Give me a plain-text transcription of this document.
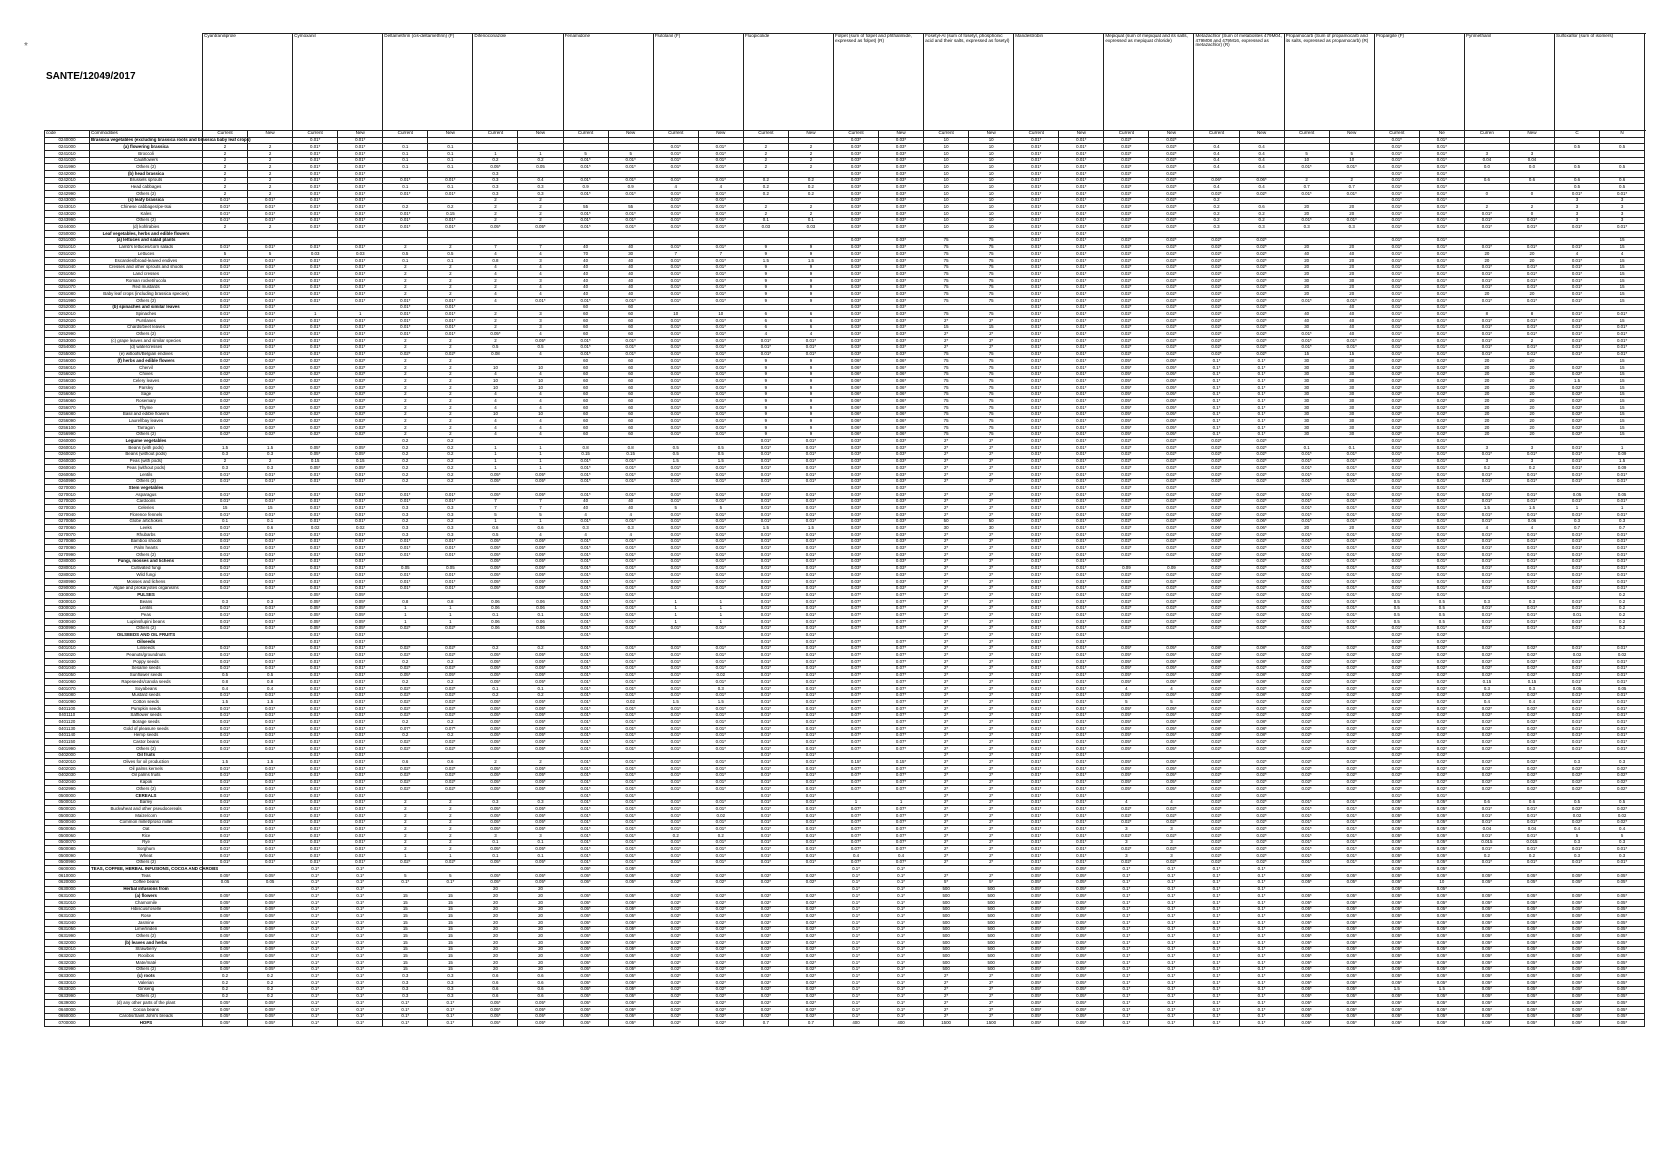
*
		Cyantraniliprole		Cymoxanil		Deltamethrin (cis-deltamethrin) (F)		Difenoconazole		Fenamidone		Flutolanil (F)		Fluopicolide		Folpet (sum of folpet and phthalimide, expressed as folpet) (R)		Fosetyl-Al (sum of fosetyl, phosphonic acid and their salts, expressed as fosetyl)		Mandestrobin		Mepiquat (sum of mepiquat and its salts, expressed as mepiquat chloride)		Metazachlor (Sum of metabolites 479M04, 479M08 and 479M16, expressed as metazachlor) (R)		Propamocarb (Sum of propamocarb and its salts, expressed as propamocarb) (R)		Propargite (F)		Pyrimethanil		Sulfoxaflor (sum of isomers)	
code	Commodities	Current	New	Current	New	Current	New	Current	New	Current	New	Current	New	Current	New	Current	New	Current	New	Current	New	Current	New	Current	New	Current	New	Current	Ne	Curren	New	C	N	
0240000	Brassica vegetables (excluding brassica roots and brassica baby leaf crops)			0.01*	0.01*											0.03*	0.03*	10	10	0.01*	0.01*	0.02*	0.02*					0.01*	0.01*					
0241000	(a) flowering brassica	2	2	0.01*	0.01*	0.1	0.1					0.01*	0.01*	2	2	0.03*	0.03*	10	10	0.01*	0.01*	0.02*	0.02*	0.4	0.4			0.01*	0.01*			0.5	0.5	
0241010	Broccoli	2	2	0.01*	0.01*	0.1	0.1	1	1	5	5	0.01*	0.01*	2	2	0.03*	0.03*	10	10	0.01*	0.01*	0.02*	0.02*	0.4	0.4	5	5	0.01*	0.01*	3	3			
0241020	Cauliflowers	2	2	0.01*	0.01*	0.1	0.1	0.2	0.2	0.01*	0.01*	0.01*	0.01*	2	2	0.03*	0.03*	10	10	0.01*	0.01*	0.02*	0.02*	0.4	0.4	10	10	0.01*	0.01*	0.04	0.04			
0241990	Others (2)	2	2	0.01*	0.01*	0.1	0.1	0.05*	0.05	0.01*	0.01*	0.01*	0.01*	2	2	0.03*	0.03*	10	10	0.01*	0.01*	0.02*	0.02*	0.4	0.4	0.01*	0.01*	0.01*	0.01*	0.0	0.0	0.5	0.5	
0242000	(b) head brassica	2	2	0.01*	0.01*			0.3								0.03*	0.03*	10	10	0.01*	0.01*	0.02*	0.02*					0.01*	0.01*					
0242010	Brussels sprouts	2	2	0.01*	0.01*	0.01*	0.01*	0.3	0.4	0.01*	0.01*	0.01*	0.01*	0.2	0.2	0.03*	0.03*	10	10	0.01*	0.01*	0.02*	0.02*	0.06*	0.06*	2	2	0.01*	0.01*	0.6	0.6	0.6	0.6	
0242020	Head cabbages	2	2	0.01*	0.01*	0.1	0.1	0.3	0.3	0.9	0.9	4	4	0.2	0.2	0.03*	0.03*	10	10	0.01*	0.01*	0.02*	0.02*	0.4	0.4	0.7	0.7	0.01*	0.01*			0.5	0.5	
0242990	Others (2)	2	2	0.01*	0.01*	0.01*	0.01*	0.3	0.3	0.01*	0.01*	0.01*	0.01*	0.2	0.2	0.03*	0.03*	10	10	0.01*	0.01*	0.02*	0.02*	0.02*	0.02*	0.01*	0.01*	0.01*	0.01*	0	0	0.01*	0.01*	
0243000	(c) leafy brassica	0.01*	0.01*	0.01*	0.01*			2	2			0.01*	0.01*			0.03*	0.03*	10	10	0.01*	0.01*	0.02*	0.02*	0.2				0.01*	0.01*			3	3	
0243010	Chinese cabbages/pe-tsai	0.01*	0.01*	0.01*	0.01*	0.2	0.2	2	2	55	55	0.01*	0.01*	2	2	0.03*	0.03*	10	10	0.01*	0.01*	0.02*	0.02*	0.2	0.6	20	20	0.01*	0.01*	2	2	3	3	
0243020	Kales	0.01*	0.01*	0.01*	0.01*	0.01*	0.15	2	2	0.01*	0.01*	0.01*	0.01*	2	2	0.03*	0.03*	10	10	0.01*	0.01*	0.02*	0.02*	0.2	0.2	20	20	0.01*	0.01*	0.01*	0	3	3	
0243990	Others (2)	0.01*	0.01*	0.01*	0.01*	0.01*	0.01*	2	2	0.01*	0.01*	0.01*	0.01*	0.1	0.1	0.03*	0.03*	10	10	0.01*	0.01*	0.02*	0.02*	0.2	0.2	0.01*	0.01*	0.01*	0.01*	0.01*	0.01*	3	3	
0244000	(d) kohlrabies	2	2	0.01*	0.01*	0.01*	0.01*	0.05*	0.05*	0.01*	0.01*	0.01*	0.01*	0.03	0.03	0.03*	0.03*	10	10	0.01*	0.01*	0.02*	0.02*	0.3	0.3	0.3	0.3	0.01*	0.01*	0.01*	0.01*	0.01*	0.01*	
0250000	Leaf vegetables, herbs and edible flowers																			0.01*	0.01*													
0251000	(a) lettuces and salad plants															0.03*	0.03*	75	75	0.01*	0.01*	0.02*	0.02*	0.02*	0.02*			0.01*	0.01*				15	
0251010	Lamb's lettuces/corn salads	0.01*	0.01*	0.01*	0.01*	2	2	7	7	40	40	0.01*	0.01*	9	9	0.03*	0.03*	75	75	0.01*	0.01*	0.02*	0.02*	0.02*	0.02*	20	20	0.01*	0.01*	0.01*	0.01*	0.01*	15	
0251020	Lettuces	5	5	0.03	0.03	0.5	0.5	4	4	70	30	7	7	9	9	0.03*	0.03*	75	75	0.01*	0.01*	0.02*	0.02*	0.02*	0.02*	40	40	0.01*	0.01*	20	20	4	4	
0251030	Escaroles/broad-leaved endives	0.01*	0.01*	0.01*	0.01*	0.1	0.1	0.8	3	40	40	0.01*	0.01*	1.5	1.5	0.03*	0.03*	75	75	0.01*	0.01*	0.02*	0.02*	0.02*	0.02*	20	20	0.01*	0.01*	20	20	0.01*	15	
0251040	Cresses and other sprouts and shoots	0.01*	0.01*	0.01*	0.01*	2	2	4	4	40	40	0.01*	0.01*	9	9	0.03*	0.03*	75	75	0.01*	0.01*	0.02*	0.02*	0.02*	0.02*	20	20	0.01*	0.01*	0.01*	0.01*	0.01*	15	
0251050	Land cresses	0.01*	0.01*	0.01*	0.01*	2	2	4	4	40	40	0.01*	0.01*	9	9	0.03*	0.03*	75	75	0.01*	0.01*	0.02*	0.02*	0.02*	0.02*	20	20	0.01*	0.01*	0.01*	0.01*	0.01*	15	
0251060	Roman rocket/rucola	0.01*	0.01*	0.01*	0.01*	2	2	2	3	40	40	0.01*	0.01*	9	9	0.03*	0.03*	75	75	0.01*	0.01*	0.02*	0.02*	0.02*	0.02*	30	30	0.01*	0.01*	0.01*	0.01*	0.01*	15	
0251070	Red mustards	0.01*	0.01*	0.01*	0.01*	2	2	2	4	40	40	0.01*	0.01*	9	9	0.03*	0.03*	75	75	0.01*	0.01*	0.02*	0.02*	0.02*	0.02*	20	20	0.01*	0.01*	0.01*	0.01*	0.01*	15	
0251080	Baby leaf crops (including brassica species)	0.01*	0.01*	0.01*	0.01*	2	2	4	4	40	40	0.01*	0.01*	9	9	0.03*	0.03*	75	75	0.01*	0.01*	0.02*	0.02*	0.02*	0.02*	20	20	0.01*	0.01*	20	20	0.01*	15	
0251990	Others (2)	0.01*	0.01*	0.01*	0.01*	0.01*	0.01*	4	0.01*	0.01*	0.01*	0.01*	0.01*	9	9	0.03*	0.03*	75	75	0.01*	0.01*	0.02*	0.02*	0.02*	0.02*	0.01*	0.01*	0.01*	0.01*	0.01*	0.01*	0.01*	15	
0252000	(b) spinaches and similar leaves	0.01*	0.01*			0.01*	0.01*			60	60					0.03*	0.03*			0.01*	0.01*	0.02*	0.02*	0.02*	0.02*		40	0.01*	0.01*					
0252010	Spinaches	0.01*	0.01*	1	1	0.01*	0.01*	2	3	60	60	10	10	6	6	0.03*	0.03*	75	75	0.01*	0.01*	0.02*	0.02*	0.02*	0.02*	40	40	0.01*	0.01*	8	8	0.01*	0.01*	
0252020	Purslanes	0.01*	0.01*	0.01*	0.01*	0.01*	0.01*	2	3	60	60	0.01*	0.01*	6	6	0.03*	0.03*	2*	2*	0.01*	0.01*	0.02*	0.02*	0.02*	0.02*	40	40	0.01*	0.01*	0.01*	0.01*	0.01*	15	
0252030	Chards/beet leaves	0.01*	0.01*	0.01*	0.01*	0.01*	0.01*	2	3	60	60	0.01*	0.01*	6	6	0.03*	0.03*	15	15	0.01*	0.01*	0.02*	0.02*	0.02*	0.02*	30	40	0.01*	0.01*	0.01*	0.01*	0.01*	0.01*	
0252990	Others (2)	0.01*	0.01*	0.01*	0.01*	0.01*	0.01*	0.05*	4	60	60	0.01*	0.01*	4	4	0.03*	0.03*	2*	2*	0.01*	0.01*	0.02*	0.02*	0.02*	0.02*	0.01*	40	0.01*	0.01*	0.01*	0.01*	0.01*	0.01*	
0253000	(c) grape leaves and similar species	0.01*	0.01*	0.01*	0.01*	2	2	2	0.05*	0.01*	0.01*	0.01*	0.01*	0.01*	0.01*	0.03*	0.03*	2*	2*	0.01*	0.01*	0.02*	0.02*	0.02*	0.02*	0.01*	0.01*	0.01*	0.01*	0.01*	2	0.01*	0.01*	
0254000	(d) watercresses	0.01*	0.01*	0.01*	0.01*	2	2	0.5	0.5	0.01*	0.01*	0.01*	0.01*	0.01*	0.01*	0.03*	0.03*	2*	2*	0.01*	0.01*	0.02*	0.02*	0.02*	0.02*	0.01*	0.01*	0.01*	0.01*	0.01*	0.01*	0.01*	0.01*	
0255000	(e) witloofs/Belgian endives	0.01*	0.01*	0.01*	0.01*	0.02*	0.02*	0.08	4	0.01*	0.01*	0.01*	0.01*	0.01*	0.01*	0.03*	0.03*	75	75	0.01*	0.01*	0.02*	0.02*	0.02*	0.02*	15	15	0.01*	0.01*	0.01*	0.01*	0.01*	0.01*	
0256000	(f) herbs and edible flowers	0.02*	0.02*	0.02*	0.02*	2	2			60	60	0.01*	0.01*	9	9	0.06*	0.06*	75	75	0.01*	0.01*	0.05*	0.05*	0.1*	0.1*	30	30	0.02*	0.02*	20	20		15	
0256010	Chervil	0.02*	0.02*	0.02*	0.02*	2	2	10	10	60	60	0.01*	0.01*	9	9	0.06*	0.06*	75	75	0.01*	0.01*	0.05*	0.05*	0.1*	0.1*	30	30	0.02*	0.02*	20	20	0.02*	15	
0256020	Chives	0.02*	0.02*	0.02*	0.02*	2	2	4	4	60	60	0.01*	0.01*	9	9	0.06*	0.06*	75	75	0.01*	0.01*	0.05*	0.05*	0.1*	0.1*	30	30	0.02*	0.02*	20	20	0.02*	15	
0256030	Celery leaves	0.02*	0.02*	0.02*	0.02*	2	2	10	10	60	60	0.01*	0.01*	9	9	0.06*	0.06*	75	75	0.01*	0.01*	0.05*	0.05*	0.1*	0.1*	30	30	0.02*	0.02*	20	20	1.5	15	
0256040	Parsley	0.02*	0.02*	0.02*	0.02*	2	2	10	10	60	60	0.01*	0.01*	9	9	0.06*	0.06*	75	75	0.01*	0.01*	0.05*	0.05*	0.1*	0.1*	30	30	0.02*	0.02*	20	20	0.02*	15	
0256050	Sage	0.02*	0.02*	0.02*	0.02*	2	2	4	4	60	60	0.01*	0.01*	9	9	0.06*	0.06*	75	75	0.01*	0.01*	0.05*	0.05*	0.1*	0.1*	30	30	0.02*	0.02*	20	20	0.02*	15	
0256060	Rosemary	0.02*	0.02*	0.02*	0.02*	2	2	4	4	60	60	0.01*	0.01*	9	9	0.06*	0.06*	75	75	0.01*	0.01*	0.05*	0.05*	0.1*	0.1*	30	30	0.02*	0.02*	20	20	0.02*	15	
0256070	Thyme	0.02*	0.02*	0.02*	0.02*	2	2	4	4	60	60	0.01*	0.01*	9	9	0.06*	0.06*	75	75	0.01*	0.01*	0.05*	0.05*	0.1*	0.1*	30	30	0.02*	0.02*	20	20	0.02*	15	
0256080	Basil and edible flowers	0.02*	0.02*	0.02*	0.02*	2	2	10	10	60	60	0.01*	0.01*	9	9	0.06*	0.06*	75	75	0.01*	0.01*	0.05*	0.05*	0.1*	0.1*	30	30	0.02*	0.02*	20	20	0.02*	15	
0256090	Laurel/bay leaves	0.02*	0.02*	0.02*	0.02*	2	2	4	4	60	60	0.01*	0.01*	9	9	0.06*	0.06*	75	75	0.01*	0.01*	0.05*	0.05*	0.1*	0.1*	30	30	0.02*	0.02*	20	20	0.02*	15	
0256100	Tarragon	0.02*	0.02*	0.02*	0.02*	2	2	4	4	60	60	0.01*	0.01*	9	9	0.06*	0.06*	75	75	0.01*	0.01*	0.05*	0.05*	0.1*	0.1*	30	30	0.02*	0.02*	20	20	0.02*	15	
0256990	Others (2)	0.02*	0.02*	0.02*	0.02*	2	2	4	4	60	60	0.01*	0.01*	9	9	0.06*	0.06*	75	75	0.01*	0.01*	0.05*	0.05*	0.1*	0.1*	30	30	0.02*	0.02*	20	20	0.02*	15	
0260000	Legume vegetables					0.2	0.2							0.01*	0.01*	0.03*	0.03*	2*	2*	0.01*	0.01*	0.02*	0.02*	0.02*	0.02*			0.01*	0.01*					
0260010	Beans (with pods)	1.5	1.5	0.05*	0.05*	0.2	0.2	1	1	0.8	0.8	0.5	0.5	0.01*	0.01*	0.03*	0.03*	2*	2*	0.01*	0.01*	0.02*	0.02*	0.02*	0.02*	0.1	0.1	0.01*	0.01*	3	3	0.01*	1	
0260020	Beans (without pods)	0.3	0.3	0.05*	0.05*	0.2	0.2	1	1	0.15	0.15	0.5	0.5	0.01*	0.01*	0.03*	0.03*	2*	2*	0.01*	0.01*	0.02*	0.02*	0.02*	0.02*	0.01*	0.01*	0.01*	0.01*	0.01*	0.01*	0.01*	0.09	
0260030	Peas (with pods)	2	2	0.15	0.15	0.2	0.2	1	1	0.01*	0.01*	1.5	1.5	0.01*	0.01*	0.03*	0.03*	2*	2*	0.01*	0.01*	0.02*	0.02*	0.02*	0.02*	0.01*	0.01*	0.01*	0.01*	3	3	0.01*	1.5	
0260040	Peas (without pods)	0.3	0.3	0.05*	0.05*	0.2	0.2	1	1	0.01*	0.01*	0.01*	0.01*	0.01*	0.01*	0.03*	0.03*	2*	2*	0.01*	0.01*	0.02*	0.02*	0.02*	0.02*	0.01*	0.01*	0.01*	0.01*	0.2	0.2	0.01*	0.09	
0260050	Lentils	0.01*	0.01*	0.01*	0.01*	0.2	0.2	0.05*	0.05*	0.01*	0.01*	0.01*	0.01*	0.01*	0.01*	0.03*	0.03*	2*	2*	0.01*	0.01*	0.02*	0.02*	0.02*	0.02*	0.01*	0.01*	0.01*	0.01*	0.01*	0.01*	0.01*	0.01*	
0260990	Others (2)	0.01*	0.01*	0.01*	0.01*	0.2	0.2	0.05*	0.05*	0.01*	0.01*	0.01*	0.01*	0.01*	0.01*	0.03*	0.03*	2*	2*	0.01*	0.01*	0.02*	0.02*	0.02*	0.02*	0.01*	0.01*	0.01*	0.01*	0.01*	0.01*	0.01*	0.01*	
0270000	Stem vegetables															0.03*	0.03*			0.01*	0.01*	0.02*	0.02*					0.01*	0.01*					
0270010	Asparagus	0.01*	0.01*	0.01*	0.01*	0.01*	0.01*	0.05*	0.05*	0.01*	0.01*	0.01*	0.01*	0.01*	0.01*	0.03*	0.03*	2*	2*	0.01*	0.01*	0.02*	0.02*	0.02*	0.02*	0.01*	0.01*	0.01*	0.01*	0.01*	0.01*	0.05	0.05	
0270020	Cardoons	0.01*	0.01*	0.01*	0.01*	0.01*	0.01*	7	7	40	40	0.01*	0.01*	0.01*	0.01*	0.03*	0.03*	2*	2*	0.01*	0.01*	0.02*	0.02*	0.02*	0.02*	0.01*	0.01*	0.01*	0.01*	0.01*	0.01*	0.01*	0.01*	
0270030	Celeries	15	15	0.01*	0.01*	0.3	0.3	7	7	40	40	5	5	0.01*	0.01*	0.03*	0.03*	2*	2*	0.01*	0.01*	0.02*	0.02*	0.02*	0.02*	0.01*	0.01*	0.01*	0.01*	1.5	1.5	1	1	
0270040	Florence fennels	0.01*	0.01*	0.01*	0.01*	0.3	0.3	5	5	4	4	0.01*	0.01*	0.01*	0.01*	0.03*	0.03*	2*	2*	0.01*	0.01*	0.02*	0.02*	0.02*	0.02*	0.01*	0.01*	0.01*	0.01*	0.01*	0.01*	0.01*	0.01*	
0270050	Globe artichokes	0.1	0.1	0.01*	0.01*	0.2	0.2	1	1	0.01*	0.01*	0.01*	0.01*	0.01*	0.01*	0.03*	0.03*	50	50	0.01*	0.01*	0.02*	0.02*	0.06*	0.06*	0.01*	0.01*	0.01*	0.01*	0.01*	0.06	0.3	0.3	
0270060	Leeks	0.01*	0.6	0.02	0.02	0.3	0.3	0.6	0.6	0.3	0.3	0.01*	0.01*	1.5	1.5	0.03*	0.03*	30	30	0.01*	0.01*	0.02*	0.02*	0.06*	0.06*	20	20	0.01*	0.01*	4	4	0.7	0.7	
0270070	Rhubarbs	0.01*	0.01*	0.01*	0.01*	0.3	0.3	0.5	4	4	4	0.01*	0.01*	0.01*	0.01*	0.03*	0.03*	2*	2*	0.01*	0.01*	0.02*	0.02*	0.02*	0.02*	0.01*	0.01*	0.01*	0.01*	0.01*	0.01*	0.01*	0.01*	
0270080	Bamboo shoots	0.01*	0.01*	0.01*	0.01*	0.01*	0.01*	0.05*	0.05*	0.01*	0.01*	0.01*	0.01*	0.01*	0.01*	0.03*	0.03*	2*	2*	0.01*	0.01*	0.02*	0.02*	0.02*	0.02*	0.01*	0.01*	0.01*	0.01*	0.01*	0.01*	0.01*	0.01*	
0270090	Palm hearts	0.01*	0.01*	0.01*	0.01*	0.01*	0.01*	0.05*	0.05*	0.01*	0.01*	0.01*	0.01*	0.01*	0.01*	0.03*	0.03*	2*	2*	0.01*	0.01*	0.02*	0.02*	0.02*	0.02*	0.01*	0.01*	0.01*	0.01*	0.01*	0.01*	0.01*	0.01*	
0270990	Others (2)	0.01*	0.01*	0.01*	0.01*	0.01*	0.01*	0.05*	0.05*	0.01*	0.01*	0.01*	0.01*	0.01*	0.01*	0.03*	0.03*	2*	2*	0.01*	0.01*	0.02*	0.02*	0.02*	0.02*	0.01*	0.01*	0.01*	0.01*	0.01*	0.01*	0.01*	0.01*	
0280000	Fungi, mosses and lichens	0.01*	0.01*	0.01*	0.01*			0.05*	0.05*	0.01*	0.01*	0.01*	0.01*	0.01*	0.01*	0.03*	0.03*	2*	2*	0.01*	0.01*			0.02*	0.02*	0.01*	0.01*	0.01*	0.01*	0.01*	0.01*	0.01*	0.01*	
0280010	Cultivated fungi	0.01*	0.01*	0.01*	0.01*	0.05	0.05	0.05*	0.05*	0.01*	0.01*	0.01*	0.01*	0.01*	0.01*	0.03*	0.03*	2*	2*	0.01*	0.01*	0.09	0.09	0.02*	0.02*	0.01*	0.01*	0.01*	0.01*	0.01*	0.01*	0.01*	0.01*	
0280020	Wild fungi	0.01*	0.01*	0.01*	0.01*	0.01*	0.01*	0.05*	0.05*	0.01*	0.01*	0.01*	0.01*	0.01*	0.01*	0.03*	0.03*	2*	2*	0.01*	0.01*	0.02*	0.02*	0.02*	0.02*	0.01*	0.01*	0.01*	0.01*	0.01*	0.01*	0.01*	0.01*	
0280990	Mosses and lichens	0.01*	0.01*	0.01*	0.01*	0.01*	0.01*	0.05*	0.05*	0.01*	0.01*	0.01*	0.01*	0.01*	0.01*	0.03*	0.03*	2*	2*	0.01*	0.01*	0.02*	0.02*	0.02*	0.02*	0.01*	0.01*	0.01*	0.01*	0.01*	0.01*	0.01*	0.01*	
0290000	Algae and prokaryotes organisms	0.01*	0.01*	0.01*	0.01*	0.01*	0.01*	0.05*	0.05*	0.01*	0.01*	0.01*	0.01*	0.01*	0.01*	0.03*	0.03*	2*	2*	0.01*	0.01*	0.02*	0.02*	0.02*	0.02*	0.01*	0.01*	0.01*	0.01*	0.01*	0.01*	0.01*	0.01*	
0300000	PULSES			0.05*	0.05*					0.01*	0.01*			0.01*	0.01*	0.07*	0.07*	2*	2*	0.01*	0.01*	0.02*	0.02*	0.02*	0.02*	0.01*	0.01*	0.01*	0.01*				0.2	
0300010	Beans	0.3	0.3	0.05*	0.05*	0.8	0.8	0.06	0.06	0.01*	0.01*	1	1	0.01*	0.01*	0.07*	0.07*	2*	2*	0.01*	0.01*	0.02*	0.02*	0.02*	0.02*	0.01*	0.01*	0.5	0.5	0.3	0.3	0.01*	0.2	
0300020	Lentils	0.01*	0.01*	0.05*	0.05*	1	1	0.06	0.06	0.01*	0.01*	1	1	0.01*	0.01*	0.07*	0.07*	2*	2*	0.01*	0.01*	0.02*	0.02*	0.02*	0.02*	0.01*	0.01*	0.5	0.5	0.01*	0.01*	0.01*	0.2	
0300030	Peas	0.01*	0.01*	0.05*	0.05*	1	1	0.1	0.1	0.01*	0.01*	1	1	0.01*	0.01*	0.07*	0.07*	2*	2*	0.01*	0.01*	0.02*	0.02*	0.02*	0.02*	0.01*	0.01*	0.5	0.5	0.01*	0.01*	0.01	0.2	
0300040	Lupins/lupini beans	0.01*	0.01*	0.05*	0.05*	1	1	0.06	0.06	0.01*	0.01*	1	1	0.01*	0.01*	0.07*	0.07*	2*	2*	0.01*	0.01*	0.02*	0.02*	0.02*	0.02*	0.01*	0.01*	0.5	0.5	0.01*	0.01*	0.01*	0.2	
0300990	Others (2)	0.01*	0.01*	0.05*	0.05*	0.02*	0.02*	0.06	0.06	0.01*	0.01*	0.01*	0.01*	0.01*	0.01*	0.07*	0.07*	2*	2*	0.01*	0.01*	0.02*	0.02*	0.02*	0.02*	0.01*	0.01*	0.01*	0.01*	0.01*	0.01*	0.01*	0.2	
0400000	OILSEEDS AND OIL FRUITS			0.01*	0.01*					0.01*				0.01*	0.01*			2*	2*	0.01*	0.01*							0.02*	0.02*					
0401000	Oilseeds			0.01*	0.01*									0.01*	0.01*	0.07*	0.07*	2*	2*	0.01*	0.01*							0.02*	0.02*					
0401010	Linseeds	0.01*	0.01*	0.01*	0.01*	0.02*	0.02*	0.2	0.2	0.01*	0.01*	0.01*	0.01*	0.01*	0.01*	0.07*	0.07*	2*	2*	0.01*	0.01*	0.05*	0.05*	0.08*	0.08*	0.02*	0.02*	0.02*	0.02*	0.02*	0.02*	0.01*	0.01*	
0401020	Peanuts/groundnuts	0.01*	0.01*	0.01*	0.01*	0.02*	0.02*	0.05*	0.05*	0.01*	0.01*	0.01*	0.01*	0.01*	0.01*	0.07*	0.07*	2*	2*	0.01*	0.01*	0.05*	0.05*	0.02*	0.02*	0.02*	0.02*	0.02*	0.02*	0.02*	0.02*	0.02	0.02	
0401030	Poppy seeds	0.01*	0.01*	0.01*	0.01*	0.2	0.2	0.05*	0.05*	0.01*	0.01*	0.01*	0.01*	0.01*	0.01*	0.07*	0.07*	2*	2*	0.01*	0.01*	0.05*	0.05*	0.08*	0.08*	0.02*	0.02*	0.02*	0.02*	0.02*	0.02*	0.01*	0.01*	
0401040	Sesame seeds	0.01*	0.01*	0.01*	0.01*	0.02*	0.02*	0.05*	0.05*	0.01*	0.01*	0.01*	0.01*	0.01*	0.01*	0.07*	0.07*	2*	2*	0.01*	0.01*	0.05*	0.05*	0.02*	0.02*	0.02*	0.02*	0.02*	0.02*	0.02*	0.02*	0.01*	0.01*	
0401050	Sunflower seeds	0.5	0.5	0.01*	0.01*	0.05*	0.05*	0.05*	0.05*	0.01*	0.01*	0.01*	0.02	0.01*	0.01*	0.07*	0.07*	2*	2*	0.01*	0.01*	0.05*	0.05*	0.08*	0.08*	0.02*	0.02*	0.02*	0.02*	0.02*	0.02*	0.01*	0.01*	
0401060	Rapeseeds/canola seeds	0.8	0.8	0.01*	0.01*	0.2	0.2	0.05*	0.05*	0.01*	0.01*	0.01*	0.01*	0.01*	0.01*	0.07*	0.07*	2*	2*	0.01*	0.01*	0.05*	0.05*	0.08*	0.08*	0.02*	0.02*	0.02*	0.02*	0.15	0.15	0.01*	0.01*	
0401070	Soyabeans	0.4	0.4	0.01*	0.01*	0.02*	0.02*	0.1	0.1	0.01*	0.01*	0.01*	0.3	0.01*	0.01*	0.07*	0.07*	2*	2*	0.01*	0.01*	4	4	0.02*	0.02*	0.02*	0.02*	0.02*	0.02*	0.3	0.3	0.05	0.05	
0401080	Mustard seeds	0.01*	0.01*	0.01*	0.01*	0.02*	0.02*	0.2	0.2	0.01*	0.01*	0.01*	0.01*	0.01*	0.01*	0.07*	0.07*	2*	2*	0.01*	0.01*	0.05*	0.05*	0.08*	0.08*	0.02*	0.02*	0.02*	0.02*	0.02*	0.02*	0.01*	0.01*	
0401090	Cotton seeds	1.5	1.5	0.01*	0.01*	0.02*	0.02*	0.05*	0.05*	0.01*	0.02	1.5	1.5	0.01*	0.01*	0.07*	0.07*	2*	2*	0.01*	0.01*	5	5	0.02*	0.02*	0.02*	0.02*	0.02*	0.02*	0.4	0.4	0.01*	0.01*	
0401100	Pumpkin seeds	0.01*	0.01*	0.01*	0.01*	0.02*	0.02*	0.05*	0.05*	0.01*	0.01*	0.01*	0.01*	0.01*	0.01*	0.07*	0.07*	2*	2*	0.01*	0.01*	0.05*	0.05*	0.02*	0.02*	0.02*	0.02*	0.02*	0.02*	0.02*	0.02*	0.01*	0.01*	
0401110	Safflower seeds	0.01*	0.01*	0.01*	0.01*	0.02*	0.02*	0.05*	0.05*	0.01*	0.01*	0.01*	0.01*	0.01*	0.01*	0.07*	0.07*	2*	2*	0.01*	0.01*	0.05*	0.05*	0.02*	0.02*	0.02*	0.02*	0.02*	0.02*	0.02*	0.02*	0.01*	0.01*	
0401120	Borage seeds	0.01*	0.01*	0.01*	0.01*	0.2	0.2	0.05*	0.05*	0.01*	0.01*	0.01*	0.01*	0.01*	0.01*	0.07*	0.07*	2*	2*	0.01*	0.01*	0.05*	0.05*	0.08*	0.08*	0.02*	0.02*	0.02*	0.02*	0.02*	0.02*	0.01*	0.01*	
0401130	Gold of pleasure seeds	0.01*	0.01*	0.01*	0.01*	0.07*	0.07*	0.05*	0.05*	0.01*	0.01*	0.01*	0.01*	0.01*	0.01*	0.07*	0.07*	2*	2*	0.01*	0.01*	0.05*	0.05*	0.08*	0.08*	0.02*	0.02*	0.02*	0.02*	0.02*	0.02*	0.01*	0.01*	
0401140	Hemp seeds	0.01*	0.01*	0.01*	0.01*	0.2	0.2	0.05*	0.05*	0.01*	0.01*	0.01*	0.01*	0.01*	0.01*	0.07*	0.07*	2*	2*	0.01*	0.01*	0.05*	0.05*	0.08*	0.08*	0.02*	0.02*	0.02*	0.02*	0.02*	0.02*	0.01*	0.01*	
0401150	Castor beans	0.01*	0.01*	0.01*	0.01*	0.02*	0.02*	0.05*	0.05*	0.01*	0.01*	0.01*	0.01*	0.01*	0.01*	0.07*	0.07*	2*	2*	0.01*	0.01*	0.05*	0.05*	0.02*	0.02*	0.02*	0.02*	0.02*	0.02*	0.02*	0.02*	0.01*	0.01*	
0401990	Others (2)	0.01*	0.01*	0.01*	0.01*	0.02*	0.02*	0.05*	0.05*	0.01*	0.01*	0.01*	0.01*	0.01*	0.01*	0.07*	0.07*	2*	2*	0.01*	0.01*	0.05*	0.05*	0.02*	0.02*	0.02*	0.02*	0.02*	0.02*	0.02*	0.02*	0.01*	0.01*	
0402000	Oil fruits			0.01*	0.01*									0.01*	0.01*			2*	2*	0.01*	0.01*							0.02*	0.02*					
0402010	Olives for oil production	1.5	1.5	0.01*	0.01*	0.6	0.6	2	2	0.01*	0.01*	0.01*	0.01*	0.01*	0.01*	0.15*	0.15*	2*	2*	0.01*	0.01*	0.05*	0.05*	0.02*	0.02*	0.02*	0.02*	0.02*	0.02*	0.02*	0.02*	0.3	0.3	
0402020	Oil palms kernels	0.01*	0.01*	0.01*	0.01*	0.02*	0.02*	0.05*	0.05*	0.01*	0.01*	0.01*	0.01*	0.01*	0.01*	0.07*	0.07*	2*	2*	0.01*	0.01*	0.05*	0.05*	0.02*	0.02*	0.02*	0.02*	0.02*	0.02*	0.02*	0.02*	0.02*	0.02*	
0402030	Oil palms fruits	0.01*	0.01*	0.01*	0.01*	0.02*	0.02*	0.05*	0.05*	0.01*	0.01*	0.01*	0.01*	0.01*	0.01*	0.07*	0.07*	2*	2*	0.01*	0.01*	0.05*	0.05*	0.02*	0.02*	0.02*	0.02*	0.02*	0.02*	0.02*	0.02*	0.02*	0.02*	
0402040	Kapok	0.01*	0.01*	0.01*	0.01*	0.02*	0.02*	0.05*	0.05*	0.01*	0.01*	0.01*	0.01*	0.01*	0.01*	0.07*	0.07*	2*	2*	0.01*	0.01*	0.05*	0.05*	0.02*	0.02*	0.02*	0.02*	0.02*	0.02*	0.02*	0.02*	0.02*	0.02*	
0402990	Others (2)	0.01*	0.01*	0.01*	0.01*	0.02*	0.02*	0.05*	0.05*	0.01*	0.01*	0.01*	0.01*	0.01*	0.01*	0.07*	0.07*	2*	2*	0.01*	0.01*	0.05*	0.05*	0.02*	0.02*	0.02*	0.02*	0.02*	0.02*	0.02*	0.02*	0.02*	0.02*	
0500000	CEREALS	0.01*	0.01*	0.01*	0.01*					0.01*	0.01*			0.01*	0.01*			2*	2*	0.01*	0.01*			0.02*	0.02*			0.01*	0.01*					
0500010	Barley	0.01*	0.01*	0.01*	0.01*	2	2	0.3	0.3	0.01*	0.01*	0.01*	0.01*	0.01*	0.01*	1	1	2*	2*	0.01*	0.01*	4	4	0.02*	0.02*	0.01*	0.01*	0.05*	0.05*	0.6	0.6	0.5	0.5	
0500020	Buckwheat and other pseudocereals	0.01*	0.01*	0.01*	0.01*	2	2	0.05*	0.05*	0.01*	0.01*	0.01*	0.01*	0.01*	0.01*	0.07*	0.07*	2*	2*	0.01*	0.01*	0.02*	0.02*	0.02*	0.02*	0.01*	0.01*	0.05*	0.05*	0.01*	0.01*	0.02*	0.02*	
0500030	Maize/corn	0.01*	0.01*	0.01*	0.01*	2	2	0.05*	0.05*	0.01*	0.01*	0.01*	0.02	0.01*	0.01*	0.07*	0.07*	2*	2*	0.01*	0.01*	0.02*	0.02*	0.02*	0.02*	0.01*	0.01*	0.05*	0.05*	0.01*	0.01*	0.02	0.02	
0500040	Common millet/proso millet	0.01*	0.01*	0.01*	0.01*	2	2	0.05*	0.05*	0.01*	0.01*	0.01*	0.01*	0.01*	0.01*	0.07*	0.07*	2*	2*	0.01*	0.01*	0.02*	0.02*	0.02*	0.02*	0.01*	0.01*	0.05*	0.05*	0.01*	0.01*	0.02*	0.02*	
0500050	Oat	0.01*	0.01*	0.01*	0.01*	2	2	0.05*	0.05*	0.01*	0.01*	0.01*	0.01*	0.01*	0.01*	0.07*	0.07*	2*	2*	0.01*	0.01*	3	3	0.02*	0.02*	0.01*	0.01*	0.05*	0.05*	0.04	0.04	0.4	0.4	
0500060	Rice	0.01*	0.01*	0.01*	0.01*	2	2	3	3	0.01*	0.01*	0.2	0.2	0.01*	0.01*	0.07*	0.07*	2*	2*	0.01*	0.01*	0.02*	0.02*	0.02*	0.02*	0.01*	0.01*	0.05*	0.05*	0.01*	0.01*	5	5	
0500070	Rye	0.01*	0.01*	0.01*	0.01*	2	2	0.1	0.1	0.01*	0.01*	0.01*	0.01*	0.01*	0.01*	0.07*	0.07*	2*	2*	0.01*	0.01*	3	3	0.02*	0.02*	0.01*	0.01*	0.05*	0.05*	0.015	0.015	0.3	0.3	
0500080	Sorghum	0.01*	0.01*	0.01*	0.01*	2	2	0.05*	0.05*	0.01*	0.01*	0.01*	0.01*	0.01*	0.01*	0.07*	0.07*	2*	2*	0.01*	0.01*	0.02*	0.02*	0.02*	0.02*	0.01*	0.01*	0.05*	0.05*	0.01*	0.01*	0.01*	0.01*	
0500090	Wheat	0.01*	0.01*	0.01*	0.01*	1	1	0.1	0.1	0.01*	0.01*	0.01*	0.01*	0.01*	0.01*	0.4	0.4	2*	2*	0.01*	0.01*	3	3	0.02*	0.02*	0.01*	0.01*	0.05*	0.05*	0.2	0.2	0.3	0.3	
0500990	Others (2)	0.01*	0.01*	0.01*	0.01*	0.02*	0.02*	0.05*	0.05*	0.01*	0.01*	0.01*	0.01*	0.01*	0.01*	0.07*	0.07*	2*	2*	0.01*	0.01*	0.02*	0.02*	0.02*	0.02*	0.01*	0.01*	0.05*	0.05*	0.01*	0.01*	0.01*	0.01*	
0600000	TEAS, COFFEE, HERBAL INFUSIONS, COCOA AND CAROBS			0.1*	0.1*					0.05*	0.05*					0.1*	0.1*			0.05*	0.05*	0.1*	0.1*	0.1*	0.1*			0.05*	0.05*					
0610000	Teas	0.05*	0.05*	0.1*	0.1*	5	5	0.05*	0.05*	0.05*	0.05*	0.02*	0.02*	0.02*	0.02*	0.1*	0.1*	2*	2*	0.05*	0.05*	0.1*	0.1*	0.1*	0.1*	0.05*	0.05*	0.05*	0.05*	0.05*	0.05*	0.05*	0.05*	
0620000	Coffee beans	0.05	0.05	0.1*	0.1*	0.1*	0.1*	0.05*	0.05*	0.05*	0.05*	0.02*	0.02*	0.02*	0.02*	0.1*	0.1*	5*	5*	0.05*	0.05*	0.1*	0.1*	0.1*	0.1*	0.05*	0.05*	0.05*	10	0.05*	0.05*	0.05*	0.05*	
0630000	Herbal infusions from			0.1*	0.1*			20	20							0.1*	0.1*	500	500	0.05*	0.05*	0.1*	0.1*	0.1*	0.1*			0.05*	0.05*					
0631000	(a) flowers	0.05*	0.05*	0.1*	0.1*	15	15	20	20	0.05*	0.05*	0.02*	0.02*	0.02*	0.02*	0.1*	0.1*	500	500	0.05*	0.05*	0.1*	0.1*	0.1*	0.1*	0.05*	0.05*	0.05*	0.05*	0.05*	0.05*	0.05*	0.05*	
0631010	Chamomile	0.05*	0.05*	0.1*	0.1*	15	15	20	20	0.05*	0.05*	0.02*	0.02*	0.02*	0.02*	0.1*	0.1*	500	500	0.05*	0.05*	0.1*	0.1*	0.1*	0.1*	0.05*	0.05*	0.05*	0.05*	0.05*	0.05*	0.05*	0.05*	
0631020	Hibiscus/roselle	0.05*	0.05*	0.1*	0.1*	15	15	20	20	0.05*	0.05*	0.02*	0.02*	0.02*	0.02*	0.1*	0.1*	500	500	0.05*	0.05*	0.1*	0.1*	0.1*	0.1*	0.05*	0.05*	0.05*	0.05*	0.05*	0.05*	0.05*	0.05*	
0631030	Rose	0.05*	0.05*	0.1*	0.1*	15	15	20	20	0.05*	0.05*	0.02*	0.02*	0.02*	0.02*	0.1*	0.1*	500	500	0.05*	0.05*	0.1*	0.1*	0.1*	0.1*	0.05*	0.05*	0.05*	0.05*	0.05*	0.05*	0.05*	0.05*	
0631040	Jasmine	0.05*	0.05*	0.1*	0.1*	15	15	20	20	0.05*	0.05*	0.02*	0.02*	0.02*	0.02*	0.1*	0.1*	500	500	0.05*	0.05*	0.1*	0.1*	0.1*	0.1*	0.05*	0.05*	0.05*	0.05*	0.05*	0.05*	0.05*	0.05*	
0631050	Lime/linden	0.05*	0.05*	0.1*	0.1*	15	15	20	20	0.05*	0.05*	0.02*	0.02*	0.02*	0.02*	0.1*	0.1*	500	500	0.05*	0.05*	0.1*	0.1*	0.1*	0.1*	0.05*	0.05*	0.05*	0.05*	0.05*	0.05*	0.05*	0.05*	
0631990	Others (2)	0.05*	0.05*	0.1*	0.1*	15	15	20	20	0.05*	0.05*	0.02*	0.02*	0.02*	0.02*	0.1*	0.1*	500	500	0.05*	0.05*	0.1*	0.1*	0.1*	0.1*	0.05*	0.05*	0.05*	0.05*	0.05*	0.05*	0.05*	0.05*	
0632000	(b) leaves and herbs	0.05*	0.05*	0.1*	0.1*	15	15	20	20	0.05*	0.05*	0.02*	0.02*	0.02*	0.02*	0.1*	0.1*	500	500	0.05*	0.05*	0.1*	0.1*	0.1*	0.1*	0.05*	0.05*	0.05*	0.05*	0.05*	0.05*	0.05*	0.05*	
0632010	Strawberry	0.05*	0.05*	0.1*	0.1*	15	15	20	20	0.05*	0.05*	0.02*	0.02*	0.02*	0.02*	0.1*	0.1*	500	500	0.05*	0.05*	0.1*	0.1*	0.1*	0.1*	0.05*	0.05*	0.05*	0.05*	0.05*	0.05*	0.05*	0.05*	
0632020	Rooibos	0.05*	0.05*	0.1*	0.1*	15	15	20	20	0.05*	0.05*	0.02*	0.02*	0.02*	0.02*	0.1*	0.1*	500	500	0.05*	0.05*	0.1*	0.1*	0.1*	0.1*	0.05*	0.05*	0.05*	0.05*	0.05*	0.05*	0.05*	0.05*	
0632030	Mate/maté	0.05*	0.05*	0.1*	0.1*	15	15	20	20	0.05*	0.05*	0.02*	0.02*	0.02*	0.02*	0.1*	0.1*	500	500	0.05*	0.05*	0.1*	0.1*	0.1*	0.1*	0.05*	0.05*	0.05*	0.05*	0.05*	0.05*	0.05*	0.05*	
0632990	Others (2)	0.05*	0.05*	0.1*	0.1*	15	15	20	20	0.05*	0.05*	0.02*	0.02*	0.02*	0.02*	0.1*	0.1*	500	500	0.05*	0.05*	0.1*	0.1*	0.1*	0.1*	0.05*	0.05*	0.05*	0.05*	0.05*	0.05*	0.05*	0.05*	
0633000	(c) roots	0.2	0.2	0.1*	0.1*	0.3	0.3	0.6	0.6	0.05*	0.05*	0.02*	0.02*	0.02*	0.02*	0.1*	0.1*	2*	2*	0.05*	0.05*	0.1*	0.1*	0.1*	0.1*	0.05*	0.05*	0.05*	0.05*	0.05*	0.05*	0.05*	0.05*	
0633010	Valerian	0.2	0.2	0.1*	0.1*	0.3	0.3	0.6	0.6	0.05*	0.05*	0.02*	0.02*	0.02*	0.02*	0.1*	0.1*	2*	2*	0.05*	0.05*	0.1*	0.1*	0.1*	0.1*	0.05*	0.05*	0.05*	0.05*	0.05*	0.05*	0.05*	0.05*	
0633020	Ginseng	0.2	0.2	0.1*	0.1*	0.3	0.3	0.6	0.6	0.05*	0.05*	0.02*	0.02*	0.02*	0.02*	0.1*	0.1*	2*	2*	0.05*	0.05*	0.1*	0.1*	0.1*	0.1*	0.05*	0.05*	1.5	1.5	0.05*	0.05*	0.05*	0.05*	
0633990	Others (2)	0.2	0.2	0.1*	0.1*	0.3	0.3	0.6	0.6	0.05*	0.05*	0.02*	0.02*	0.02*	0.02*	0.1*	0.1*	2*	2*	0.05*	0.05*	0.1*	0.1*	0.1*	0.1*	0.05*	0.05*	0.05*	0.05*	0.05*	0.05*	0.05*	0.05*	
0639000	(d) any other parts of the plant	0.05*	0.05*	0.1*	0.1*	0.1*	0.1*	0.05*	0.05*	0.05*	0.05*	0.02*	0.02*	0.02*	0.02*	0.1*	0.1*	2*	2*	0.05*	0.05*	0.1*	0.1*	0.1*	0.1*	0.05*	0.05*	0.05*	0.05*	0.05*	0.05*	0.05*	0.05*	
0640000	Cocoa beans	0.05*	0.05*	0.1*	0.1*	0.1*	0.1*	0.05*	0.05*	0.05*	0.05*	0.02*	0.02*	0.02*	0.02*	0.1*	0.1*	2*	2*	0.05*	0.05*	0.1*	0.1*	0.1*	0.1*	0.05*	0.05*	0.05*	0.05*	0.05*	0.05*	0.05*	0.05*	
0650000	Carobs/Saint John's breads	0.05*	0.05*	0.1*	0.1*	0.1*	0.1*	0.05*	0.05*	0.05*	0.05*	0.02*	0.02*	0.02*	0.02*	0.1*	0.1*	2*	2*	0.05*	0.05*	0.1*	0.1*	0.1*	0.1*	0.05*	0.05*	0.05*	0.05*	0.05*	0.05*	0.05*	0.05*	
0700000	HOPS	0.05*	0.05*	0.1*	0.1*	0.1*	0.1*	0.05*	0.05*	0.05*	0.05*	0.02*	0.02*	0.7	0.7	400	400	1500	1500	0.05*	0.05*	0.1*	0.1*	0.1*	0.1*	0.05*	0.05*	0.05*	0.05*	0.05*	0.05*	0.05*	0.05*	
SANTE/12049/2017
